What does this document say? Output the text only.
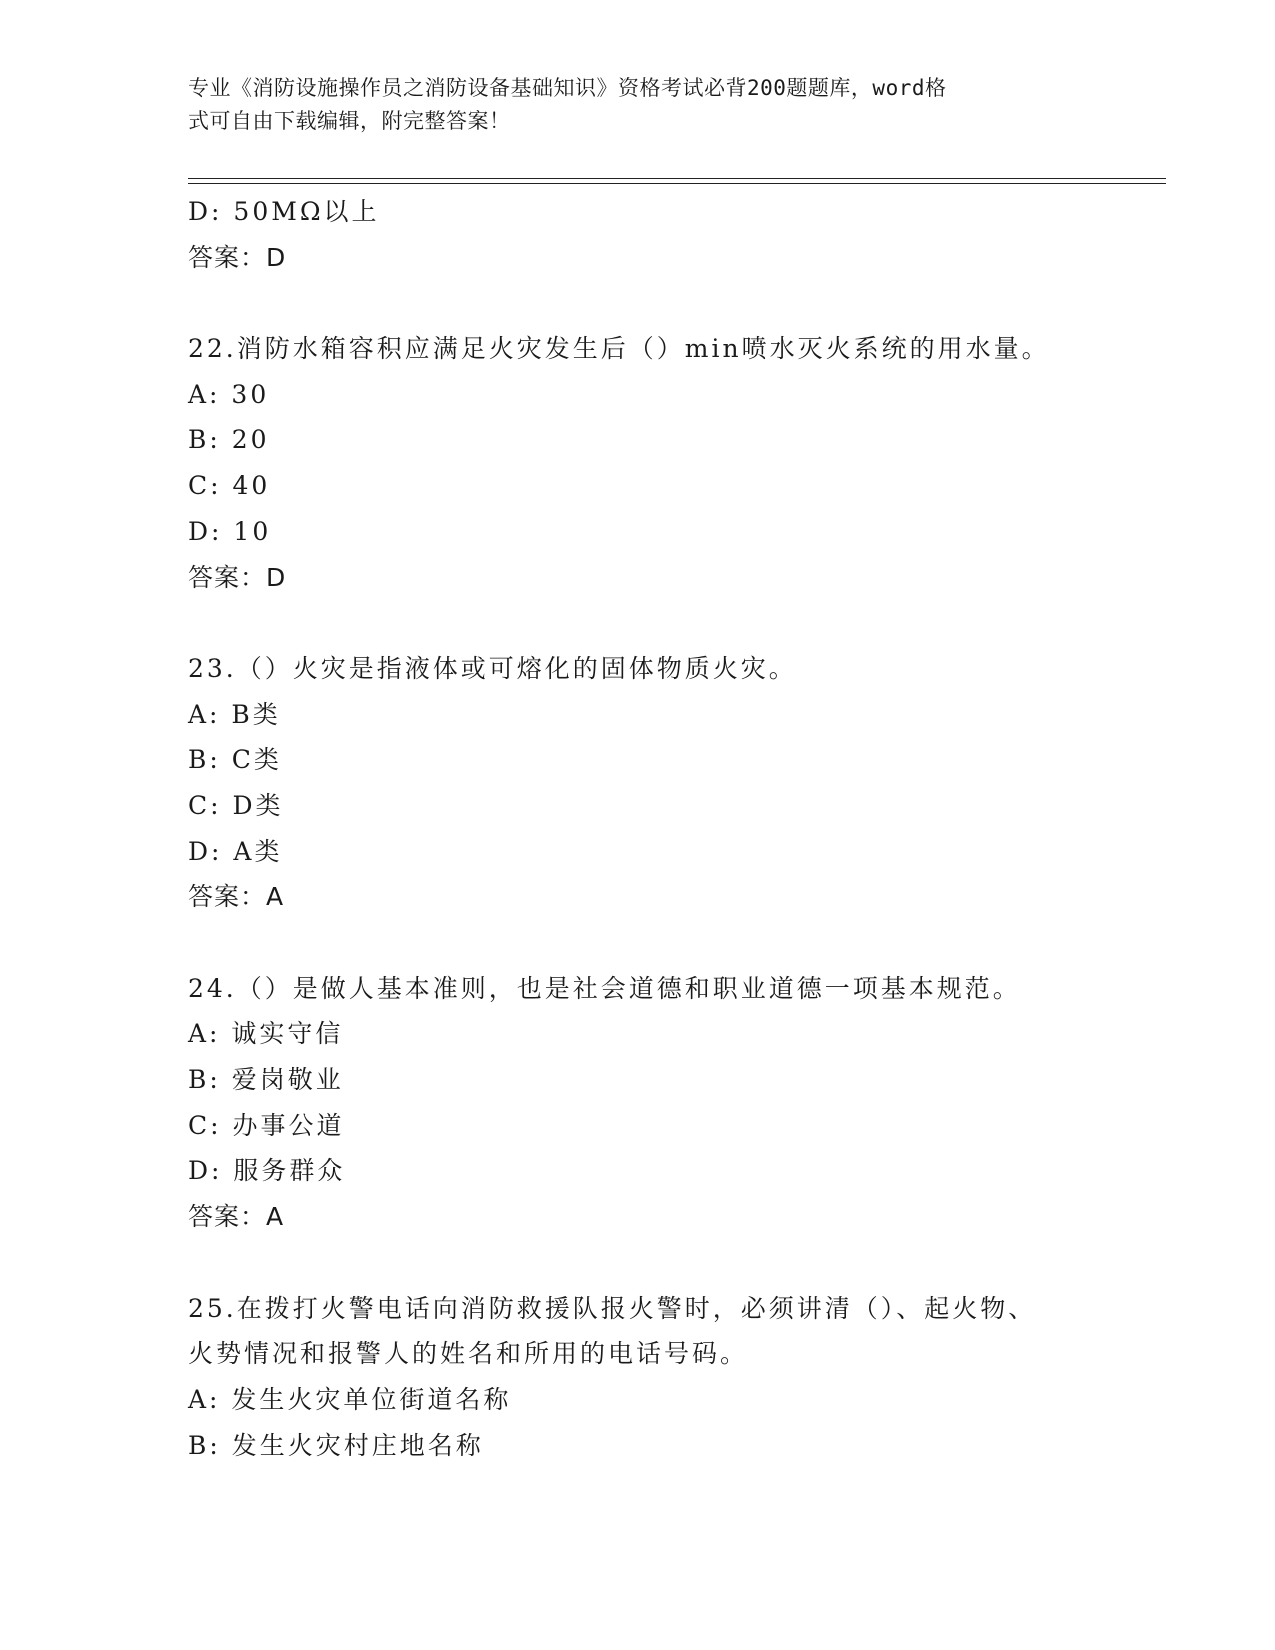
专业《消防设施操作员之消防设备基础知识》资格考试必背200题题库，word格
式可自由下载编辑，附完整答案！
D: 50MΩ以上
答案：D
22.消防水箱容积应满足火灾发生后（）min喷水灭火系统的用水量。
A: 30
B: 20
C: 40
D: 10
答案：D
23.（）火灾是指液体或可熔化的固体物质火灾。
A: B类
B: C类
C: D类
D: A类
答案：A
24.（）是做人基本准则，也是社会道德和职业道德一项基本规范。
A: 诚实守信
B: 爱岗敬业
C: 办事公道
D: 服务群众
答案：A
25.在拨打火警电话向消防救援队报火警时，必须讲清（）、起火物、
火势情况和报警人的姓名和所用的电话号码。
A: 发生火灾单位街道名称
B: 发生火灾村庄地名称
